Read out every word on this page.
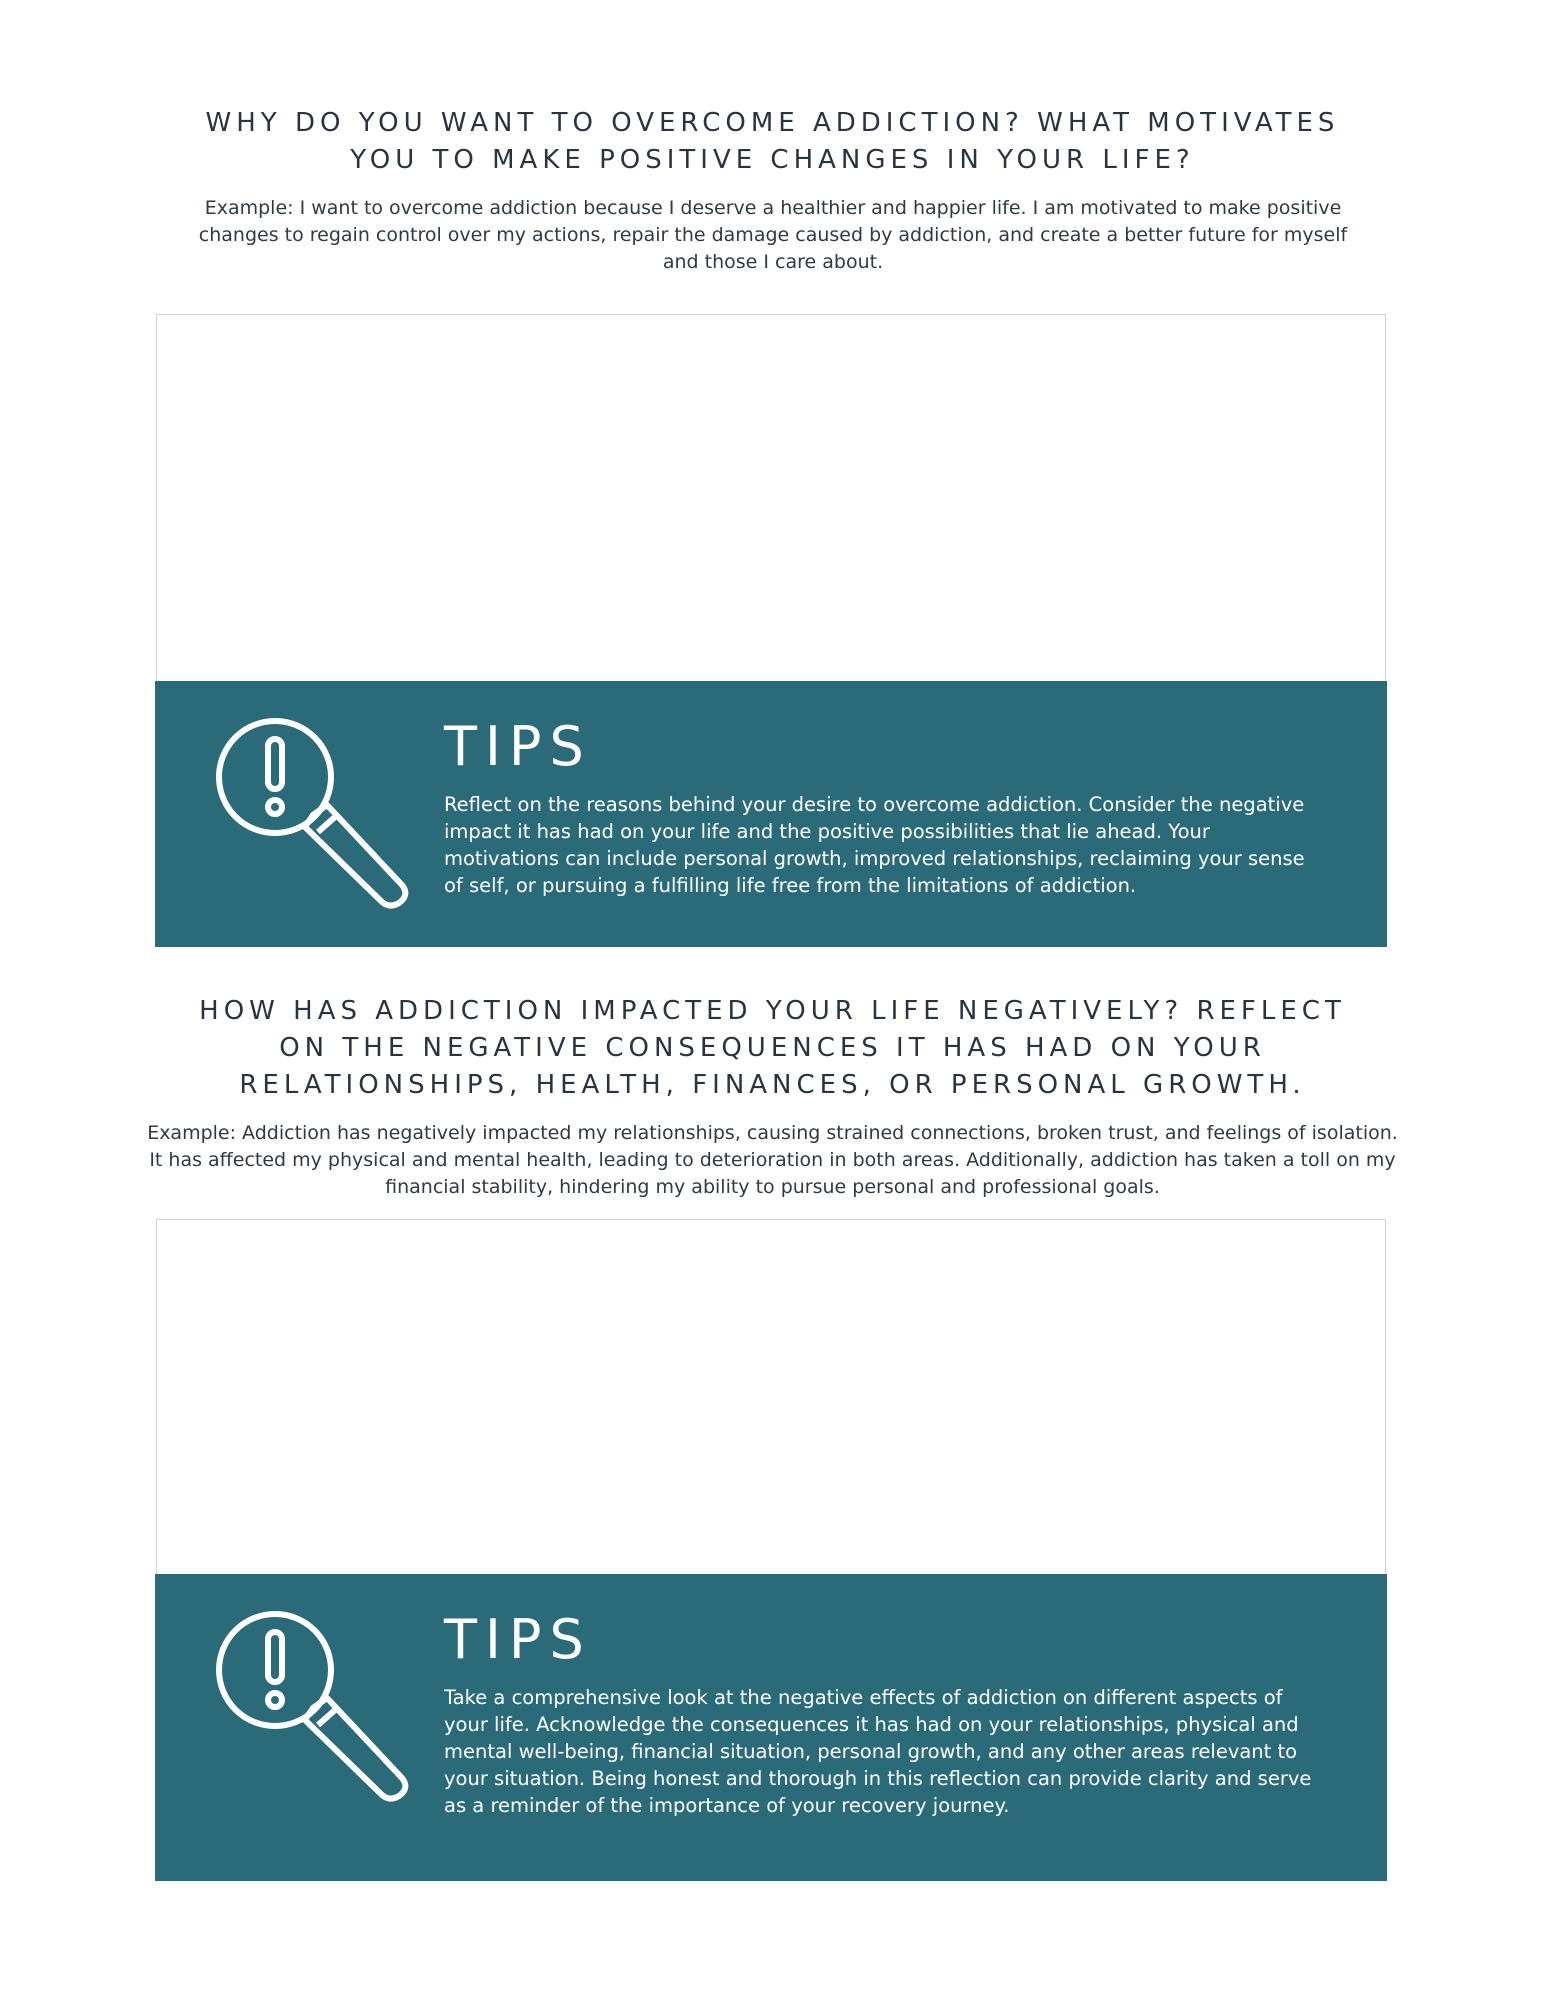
WHY DO YOU WANT TO OVERCOME ADDICTION? WHAT MOTIVATES YOU TO MAKE POSITIVE CHANGES IN YOUR LIFE?

Example: I want to overcome addiction because I deserve a healthier and happier life. I am motivated to make positive changes to regain control over my actions, repair the damage caused by addiction, and create a better future for myself and those I care about.

TIPS

Reflect on the reasons behind your desire to overcome addiction. Consider the negative impact it has had on your life and the positive possibilities that lie ahead. Your motivations can include personal growth, improved relationships, reclaiming your sense of self, or pursuing a fulfilling life free from the limitations of addiction.

HOW HAS ADDICTION IMPACTED YOUR LIFE NEGATIVELY? REFLECT ON THE NEGATIVE CONSEQUENCES IT HAS HAD ON YOUR RELATIONSHIPS, HEALTH, FINANCES, OR PERSONAL GROWTH.

Example: Addiction has negatively impacted my relationships, causing strained connections, broken trust, and feelings of isolation. It has affected my physical and mental health, leading to deterioration in both areas. Additionally, addiction has taken a toll on my financial stability, hindering my ability to pursue personal and professional goals.

TIPS

Take a comprehensive look at the negative effects of addiction on different aspects of your life. Acknowledge the consequences it has had on your relationships, physical and mental well-being, financial situation, personal growth, and any other areas relevant to your situation. Being honest and thorough in this reflection can provide clarity and serve as a reminder of the importance of your recovery journey.
